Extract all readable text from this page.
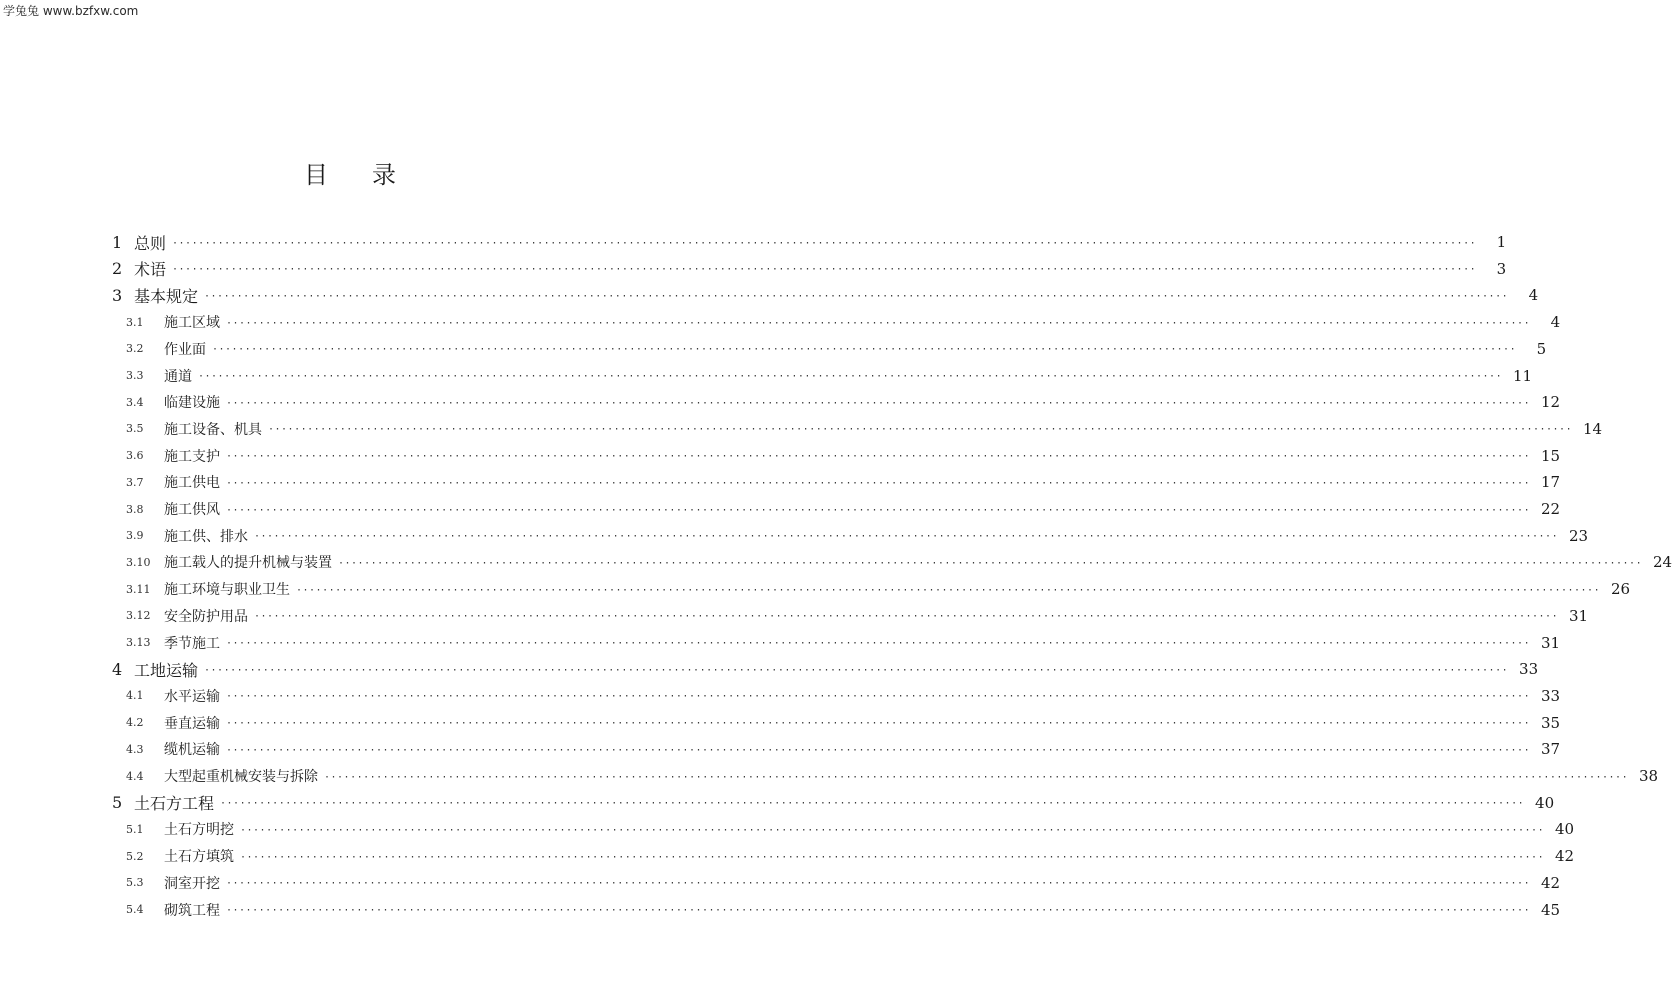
学兔兔 www.bzfxw.com
目录
1 总则 ········································································································································································································	1
2 术语 ········································································································································································································	3
3 基本规定 ········································································································································································································	4
3.1	施工区域 ········································································································································································································	4
3.2	作业面 ········································································································································································································	5
3.3	通道 ········································································································································································································ 11
3.4	临建设施 ········································································································································································································ 12
3.5	施工设备、机具 ········································································································································································································ 14
3.6	施工支护 ········································································································································································································ 15
3.7	施工供电 ········································································································································································································ 17
3.8	施工供风 ········································································································································································································ 22
3.9	施工供、排水 ········································································································································································································ 23
3.10 施工载人的提升机械与装置 ········································································································································································································ 24
3.11 施工环境与职业卫生 ········································································································································································································ 26
3.12 安全防护用品 ········································································································································································································ 31
3.13 季节施工 ········································································································································································································ 31
4 工地运输 ········································································································································································································ 33
4.1	水平运输 ········································································································································································································ 33
4.2	垂直运输 ········································································································································································································ 35
4.3	缆机运输 ········································································································································································································ 37
4.4	大型起重机械安装与拆除 ········································································································································································································ 38
5 土石方工程 ········································································································································································································ 40
5.1	土石方明挖 ········································································································································································································ 40
5.2	土石方填筑 ········································································································································································································ 42
5.3	洞室开挖 ········································································································································································································ 42
5.4	砌筑工程 ········································································································································································································ 45
